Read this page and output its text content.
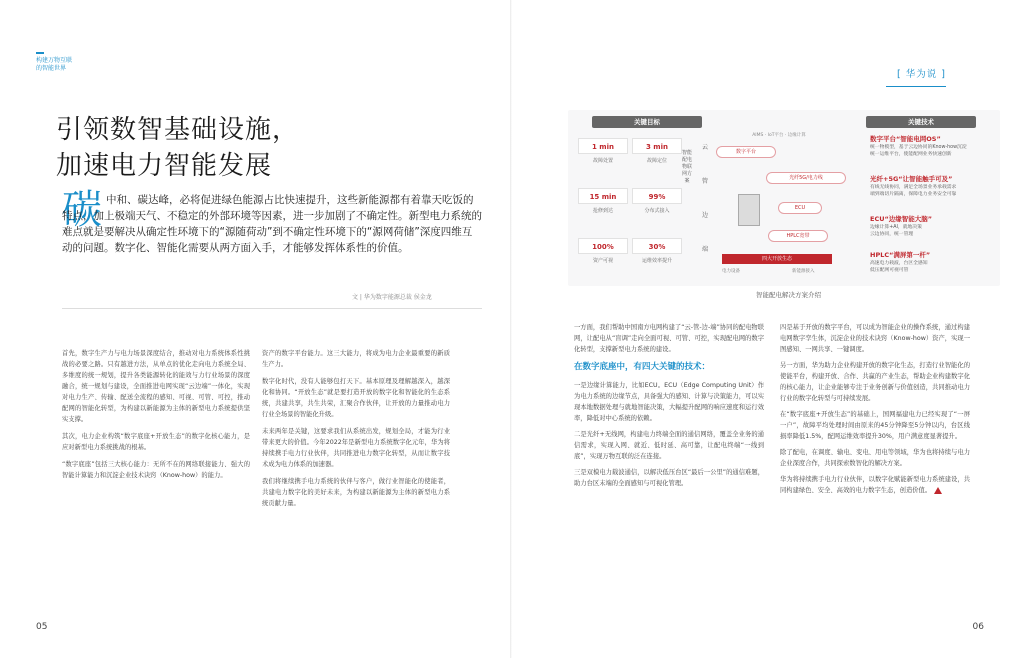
构建万物互联的智能世界
引领数智基础设施，
加速电力智能发展
碳 中和、碳达峰，必将促进绿色能源占比快速提升，这些新能源都有着靠天吃饭的特点，加上极端天气、不稳定的外部环境等因素，进一步加剧了不确定性。新型电力系统的难点就是要解决从确定性环境下的“源随荷动”到不确定性环境下的“源网荷储”深度四维互动的问题。数字化、智能化需要从两方面入手，才能够发挥体系性的价值。
文 | 华为数字能源总裁 侯金龙

首先，数字生产力与电力场景深度结合，推动对电力系统体系性挑战的必要之路。只有越进方法，从单点的优化走向电力系统全局、多维度的统一规划，提升各类能源转化的能效与力行业场景的深度融合，统一规划与建设，全面推进电网实现“云边端”一体化，实现对电力生产、传输、配送全流程的感知、可视、可管、可控，推动配网的智能化转型，为构建以新能源为主体的新型电力系统提供坚实支撑。

其次，电力企业构筑“数字底座+开放生态”的数字化核心能力，是应对新型电力系统挑战的根基。

“数字底座”包括三大核心能力：无所不在的网络联接能力、强大的智能计算能力和沉淀企业技术诀窍（Know-how）的能力。

资产的数字平台能力。这三大能力，将成为电力企业最重要的新质生产力。

数字化时代，没有人能够包打天下。基本原理及理解越深入，越深化和协同。“开放生态”就是要打造开放的数字化和智能化的生态系统，共建共享，共生共荣，汇聚合作伙伴，让开放的力量推动电力行业全场景的智能化升级。

未来两年是关键，这要求我们从系统出发，规划全局，才能为行业带来更大的价值。今年2022年是新型电力系统数字化元年，华为将持续携手电力行业伙伴，共同推进电力数字化转型，从而让数字技术成为电力体系的加速器。

我们将继续携手电力系统的伙伴与客户，做行业智能化的使能者，共建电力数字化的美好未来，为构建以新能源为主体的新型电力系统贡献力量。

05
[ 华为说 ]
关键目标	关键技术
1 min
故障处置
3 min
故障定位
15 min
抢修到达
99%
分布式接入
100%
资产可视
30%
运维效率提升
智能配电物联网方案
云
管
边
端
AIMS · IoT平台 · 边缘计算
数字平台
光纤5G/电力线
ECU
HPLC宽带
四大开放生态
电力设备	新能源接入
数字平台“智能电网OS”
统一物模型，基于云边协同的Know-how沉淀
统一运维平台，使能配网业务快速创新
光纤+5G“让智能触手可及”
有线无线协同，满足全场景业务承载需求
端到端切片隔离，保障电力业务安全可靠
ECU“边缘智能大脑”
边缘计算+AI，就地决策
云边协同，统一管理
HPLC“满屏第一杆”
高速电力载波，台区全感知
低压配网可视可管
智能配电解决方案介绍

一方面，我们帮助中国南方电网构建了“云-管-边-端”协同的配电物联网，让配电从“盲调”走向全面可视、可管、可控，实现配电网的数字化转型，支撑新型电力系统的建设。

在数字底座中，有四大关键的技术：

一是边缘计算能力，比如ECU。ECU（Edge Computing Unit）作为电力系统的边缘节点，具备强大的感知、计算与决策能力，可以实现本地数据处理与就地智能决策，大幅提升配网的响应速度和运行效率，降低对中心系统的依赖。

二是光纤+无线网，构建电力终端全面的通信网络，覆盖全业务的通信需求，实现入网、就近、低时延、高可靠，让配电终端“一线到底”，实现万物互联的泛在连接。

三是双模电力载波通信，以解决低压台区“最后一公里”的通信难题，助力台区末端的全面感知与可视化管理。

四是基于开放的数字平台，可以成为智能企业的操作系统，通过构建电网数字孪生体，沉淀企业的技术诀窍（Know-how）资产，实现一图感知、一网共享、一键调度。

另一方面，华为助力企业构建开放的数字化生态，打造行业智能化的使能平台，构建开放、合作、共赢的产业生态，帮助企业构建数字化的核心能力，让企业能够专注于业务创新与价值创造，共同推动电力行业的数字化转型与可持续发展。

在“数字底座+开放生态”的基础上，国网福建电力已经实现了“一屏一户”，故障平均处理时间由原来的45分钟降至5分钟以内，台区线损率降低1.5%，配网运维效率提升30%，用户满意度显著提升。

除了配电，在调度、输电、变电、用电等领域，华为也将持续与电力企业深度合作，共同探索数智化的解决方案。

华为将持续携手电力行业伙伴，以数字化赋能新型电力系统建设，共同构建绿色、安全、高效的电力数字生态，创造价值。

06
